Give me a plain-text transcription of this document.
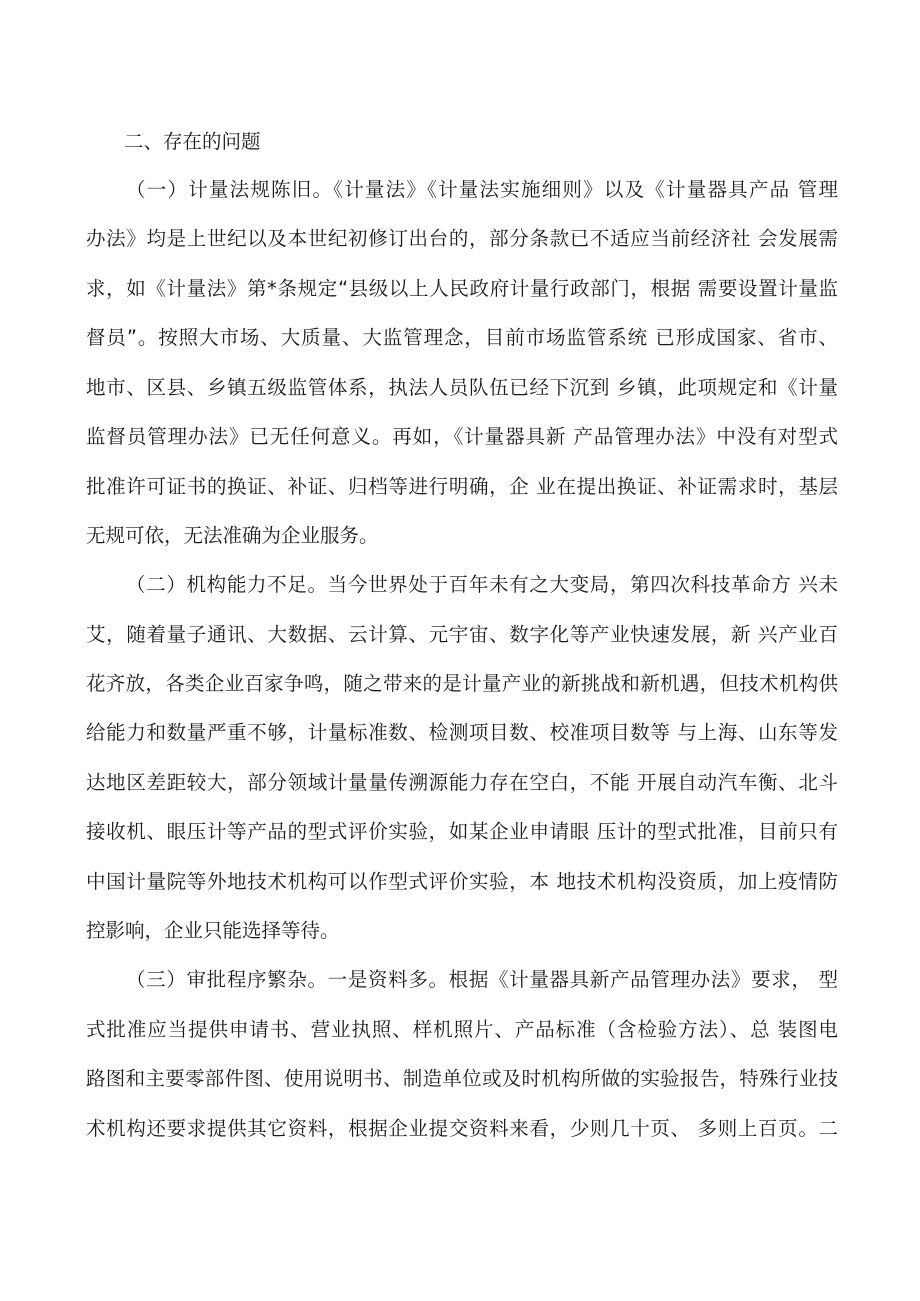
二、存在的问题
（一）计量法规陈旧。《计量法》《计量法实施细则》以及《计量器具产品 管理
办法》均是上世纪以及本世纪初修订出台的，部分条款已不适应当前经济社 会发展需
求，如《计量法》第*条规定“县级以上人民政府计量行政部门，根据 需要设置计量监
督员”。按照大市场、大质量、大监管理念，目前市场监管系统 已形成国家、省市、
地市、区县、乡镇五级监管体系，执法人员队伍已经下沉到 乡镇，此项规定和《计量
监督员管理办法》已无任何意义。再如，《计量器具新 产品管理办法》中没有对型式
批准许可证书的换证、补证、归档等进行明确，企 业在提出换证、补证需求时，基层
无规可依，无法准确为企业服务。
（二）机构能力不足。当今世界处于百年未有之大变局，第四次科技革命方 兴未
艾，随着量子通讯、大数据、云计算、元宇宙、数字化等产业快速发展，新 兴产业百
花齐放，各类企业百家争鸣，随之带来的是计量产业的新挑战和新机遇，但技术机构供
给能力和数量严重不够，计量标准数、检测项目数、校准项目数等 与上海、山东等发
达地区差距较大，部分领域计量量传溯源能力存在空白，不能 开展自动汽车衡、北斗
接收机、眼压计等产品的型式评价实验，如某企业申请眼 压计的型式批准，目前只有
中国计量院等外地技术机构可以作型式评价实验，本 地技术机构没资质，加上疫情防
控影响，企业只能选择等待。
（三）审批程序繁杂。一是资料多。根据《计量器具新产品管理办法》要求， 型
式批准应当提供申请书、营业执照、样机照片、产品标准（含检验方法）、总 装图电
路图和主要零部件图、使用说明书、制造单位或及时机构所做的实验报告，特殊行业技
术机构还要求提供其它资料，根据企业提交资料来看，少则几十页、 多则上百页。二
